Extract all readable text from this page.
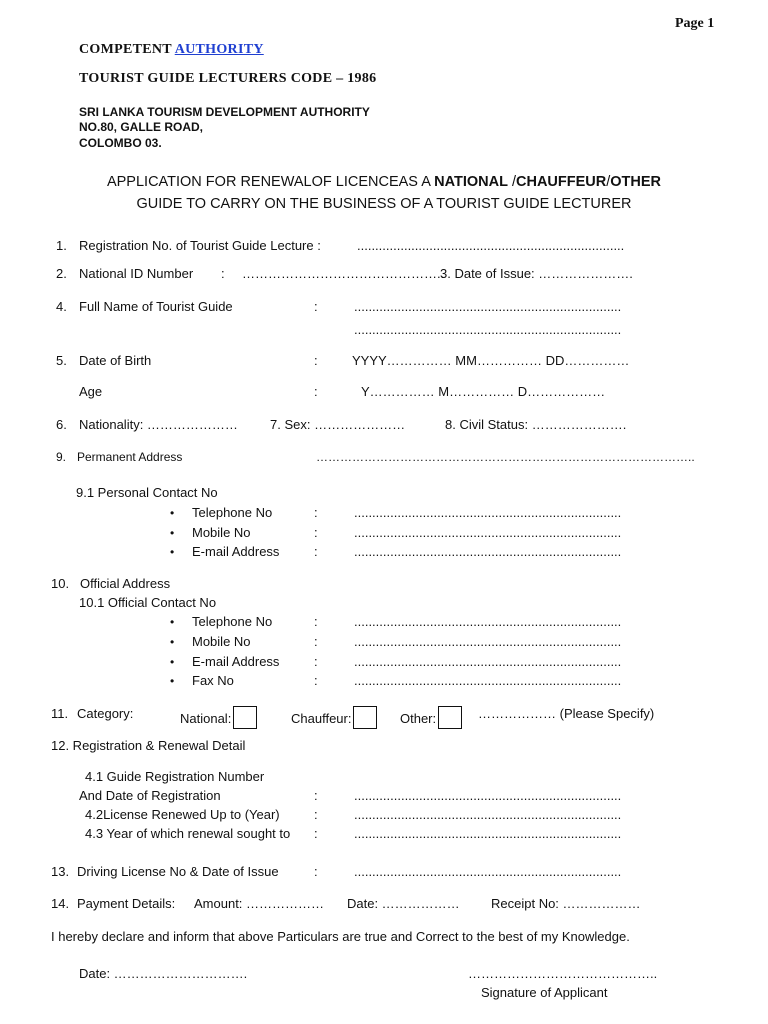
Page 1
COMPETENT AUTHORITY
TOURIST GUIDE LECTURERS CODE – 1986
SRI LANKA TOURISM DEVELOPMENT AUTHORITY
NO.80, GALLE ROAD,
COLOMBO 03.
APPLICATION FOR RENEWALOF LICENCEAS A NATIONAL /CHAUFFEUR/OTHER
GUIDE TO CARRY ON THE BUSINESS OF A TOURIST GUIDE LECTURER
1. Registration No. of Tourist Guide Lecture :	..........................................................................
2. National ID Number : ………………………………………..
3. Date of Issue: ………………….
4. Full Name of Tourist Guide	:	..........................................................................
..........................................................................
5. Date of Birth	:	YYYY…………… MM…………… DD……………
Age	:	Y…………… M…………… D………………
6. Nationality: ………………… 7. Sex: …………………	8. Civil Status: ………………….
9. Permanent Address	…………………………………………………………………………………..
9.1 Personal Contact No
• Telephone No	:	..........................................................................
• Mobile No	:	..........................................................................
• E-mail Address	:	..........................................................................
10. Official Address
10.1 Official Contact No
• Telephone No	:	..........................................................................
• Mobile No	:	..........................................................................
• E-mail Address	:	..........................................................................
• Fax No	:	..........................................................................
11. Category:	National:	Chauffeur:	Other:	……………… (Please Specify)
12. Registration & Renewal Detail
4.1 Guide Registration Number
And Date of Registration	:	..........................................................................
4.2License Renewed Up to (Year)	:	..........................................................................
4.3 Year of which renewal sought to :	..........................................................................
13. Driving License No & Date of Issue	:	..........................................................................
14. Payment Details: Amount: ……………… Date: ……………… Receipt No: ………………
I hereby declare and inform that above Particulars are true and Correct to the best of my Knowledge.
Date: ………………………….	……………………………………..
Signature of Applicant
